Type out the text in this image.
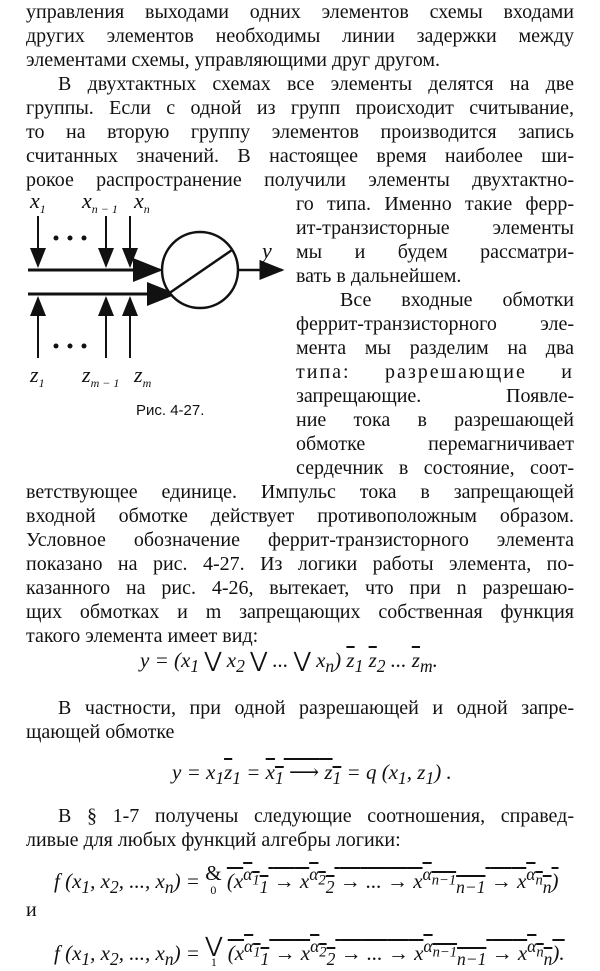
управления выходами одних элементов схемы входами
других элементов необходимы линии задержки между
элементами схемы, управляющими друг другом.
В двухтактных схемах все элементы делятся на две
группы. Если с одной из групп происходит считывание,
то на вторую группу элементов производится запись
считанных значений. В настоящее время наиболее ши-
рокое распространение получили элементы двухтактно-
го типа. Именно такие ферр-
ит-транзисторные элементы
мы и будем рассматри-
вать в дальнейшем.
Все входные обмотки
феррит-транзисторного эле-
мента мы разделим на два
типа: разрешающие и
запрещающие. Появле-
ние тока в разрешающей
обмотке перемагничивает
сердечник в состояние, соот-
ветствующее единице. Импульс тока в запрещающей
входной обмотке действует противоположным образом.
Условное обозначение феррит-транзисторного элемента
показано на рис. 4-27. Из логики работы элемента, по-
казанного на рис. 4-26, вытекает, что при n разрешаю-
$x_1$ $x_{n - 1}$ $x_n$
y
$z_1$ $z_{m - 1}$ $z_m$
Рис. 4-27.
$y = (x_1$ ⋁ $x_2$ ⋁ ... ⋁ $x_n$) $\overline{z}_1$ $\overline{z}_2$ ... $\overline{z}_m$.
В частности, при одной разрешающей и одной запре-
щающей обмотке
$y = x_1\overline{z}_1 = x_1$ ⟶ $z_1 = q$ ($x_1$, $z_1$) .
В § 1-7 получены следующие соотношения, справед-
ливые для любых функций алгебры логики:
f ($x_1$, $x_2$, ..., $x_n$) = &
0 ($x^{\alpha_1}_1 \to x^{\alpha_2}_2$ → ... → $x^{\alpha_{n-1}}_{n-1} \to x^{\alpha_n}_n$)
и
f ($x_1$, $x_2$, ..., $x_n$) = ⋁
1 ($x^{\alpha_1}_1 \to x^{\alpha_2}_2$ → ... → $x^{\alpha_{n-1}}_{n-1} \to x^{\alpha_n}_n$).
щих обмотках и m запрещающих собственная функция
такого элемента имеет вид:
